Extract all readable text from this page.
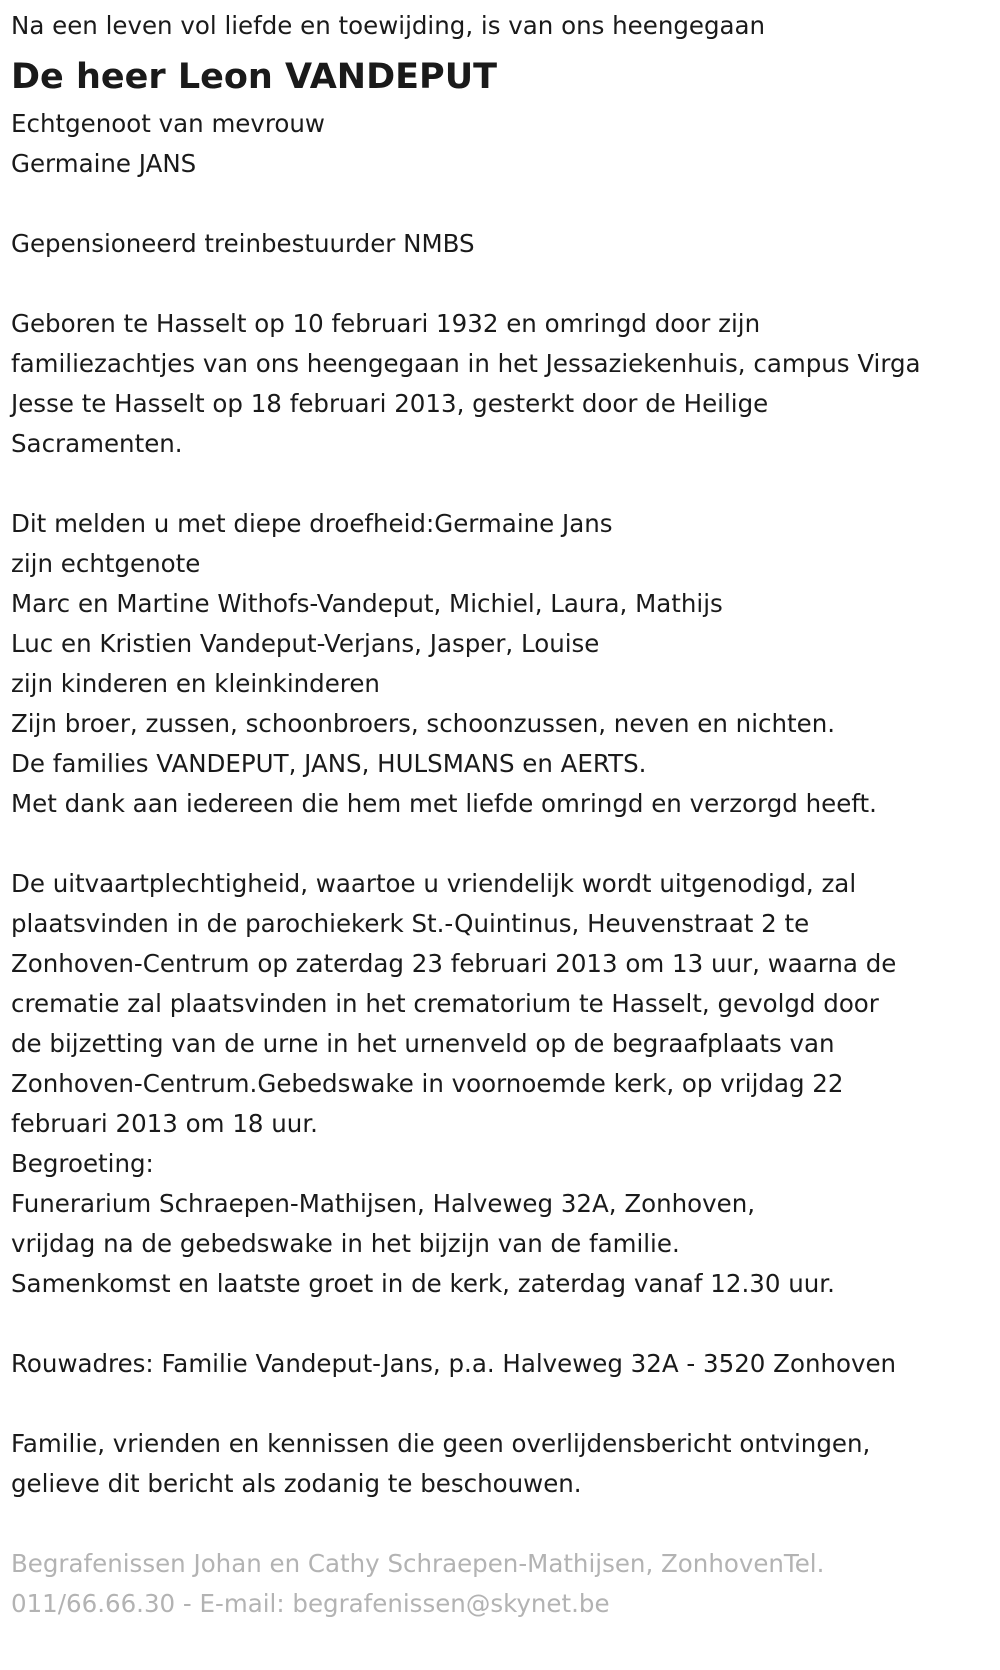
Na een leven vol liefde en toewijding, is van ons heengegaan

De heer Leon VANDEPUT

Echtgenoot van mevrouw

Germaine JANS

Gepensioneerd treinbestuurder NMBS

Geboren te Hasselt op 10 februari 1932 en omringd door zijn

familiezachtjes van ons heengegaan in het Jessaziekenhuis, campus Virga

Jesse te Hasselt op 18 februari 2013, gesterkt door de Heilige

Sacramenten.

Dit melden u met diepe droefheid:Germaine Jans

zijn echtgenote

Marc en Martine Withofs-Vandeput, Michiel, Laura, Mathijs

Luc en Kristien Vandeput-Verjans, Jasper, Louise

zijn kinderen en kleinkinderen

Zijn broer, zussen, schoonbroers, schoonzussen, neven en nichten.

De families VANDEPUT, JANS, HULSMANS en AERTS.

Met dank aan iedereen die hem met liefde omringd en verzorgd heeft.

De uitvaartplechtigheid, waartoe u vriendelijk wordt uitgenodigd, zal

plaatsvinden in de parochiekerk St.-Quintinus, Heuvenstraat 2 te

Zonhoven-Centrum op zaterdag 23 februari 2013 om 13 uur, waarna de

crematie zal plaatsvinden in het crematorium te Hasselt, gevolgd door

de bijzetting van de urne in het urnenveld op de begraafplaats van

Zonhoven-Centrum.Gebedswake in voornoemde kerk, op vrijdag 22

februari 2013 om 18 uur.

Begroeting:

Funerarium Schraepen-Mathijsen, Halveweg 32A, Zonhoven,

vrijdag na de gebedswake in het bijzijn van de familie.

Samenkomst en laatste groet in de kerk, zaterdag vanaf 12.30 uur.

Rouwadres: Familie Vandeput-Jans, p.a. Halveweg 32A - 3520 Zonhoven

Familie, vrienden en kennissen die geen overlijdensbericht ontvingen,

gelieve dit bericht als zodanig te beschouwen.

Begrafenissen Johan en Cathy Schraepen-Mathijsen, ZonhovenTel.

011/66.66.30 - E-mail: begrafenissen@skynet.be
